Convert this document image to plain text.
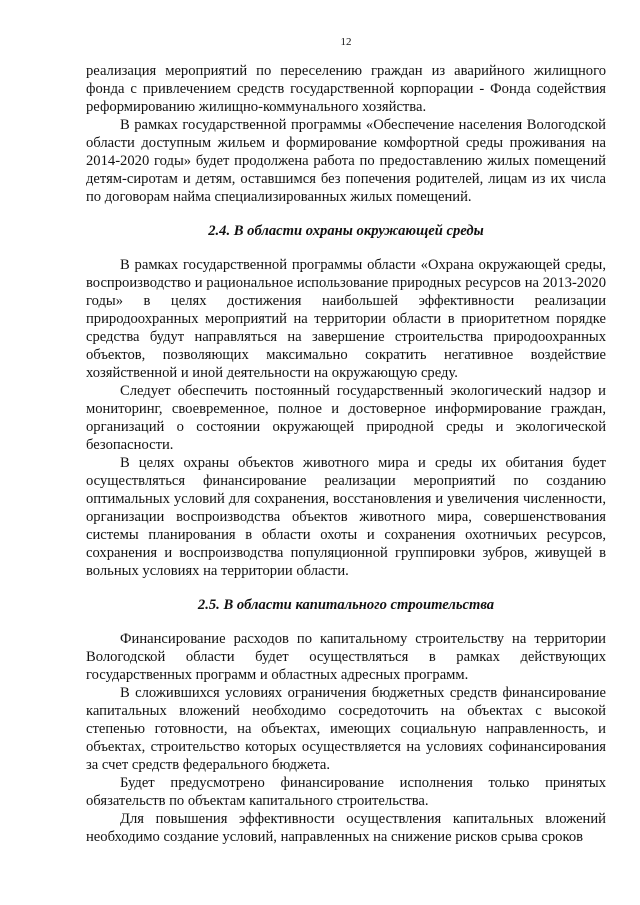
12

реализация мероприятий по переселению граждан из аварийного жилищного фонда с привлечением средств государственной корпорации - Фонда содействия реформированию жилищно-коммунального хозяйства.

В рамках государственной программы «Обеспечение населения Вологодской области доступным жильем и формирование комфортной среды проживания на 2014-2020 годы» будет продолжена работа по предоставлению жилых помещений детям-сиротам и детям, оставшимся без попечения родителей, лицам из их числа по договорам найма специализированных жилых помещений.

2.4. В области охраны окружающей среды

В рамках государственной программы области «Охрана окружающей среды, воспроизводство и рациональное использование природных ресурсов на 2013-2020 годы» в целях достижения наибольшей эффективности реализации природоохранных мероприятий на территории области в приоритетном порядке средства будут направляться на завершение строительства природоохранных объектов, позволяющих максимально сократить негативное воздействие хозяйственной и иной деятельности на окружающую среду.

Следует обеспечить постоянный государственный экологический надзор и мониторинг, своевременное, полное и достоверное информирование граждан, организаций о состоянии окружающей природной среды и экологической безопасности.

В целях охраны объектов животного мира и среды их обитания будет осуществляться финансирование реализации мероприятий по созданию оптимальных условий для сохранения, восстановления и увеличения численности, организации воспроизводства объектов животного мира, совершенствования системы планирования в области охоты и сохранения охотничьих ресурсов, сохранения и воспроизводства популяционной группировки зубров, живущей в вольных условиях на территории области.

2.5. В области капитального строительства

Финансирование расходов по капитальному строительству на территории Вологодской области будет осуществляться в рамках действующих государственных программ и областных адресных программ.

В сложившихся условиях ограничения бюджетных средств финансирование капитальных вложений необходимо сосредоточить на объектах с высокой степенью готовности, на объектах, имеющих социальную направленность, и объектах, строительство которых осуществляется на условиях софинансирования за счет средств федерального бюджета.

Будет предусмотрено финансирование исполнения только принятых обязательств по объектам капитального строительства.

Для повышения эффективности осуществления капитальных вложений необходимо создание условий, направленных на снижение рисков срыва сроков
